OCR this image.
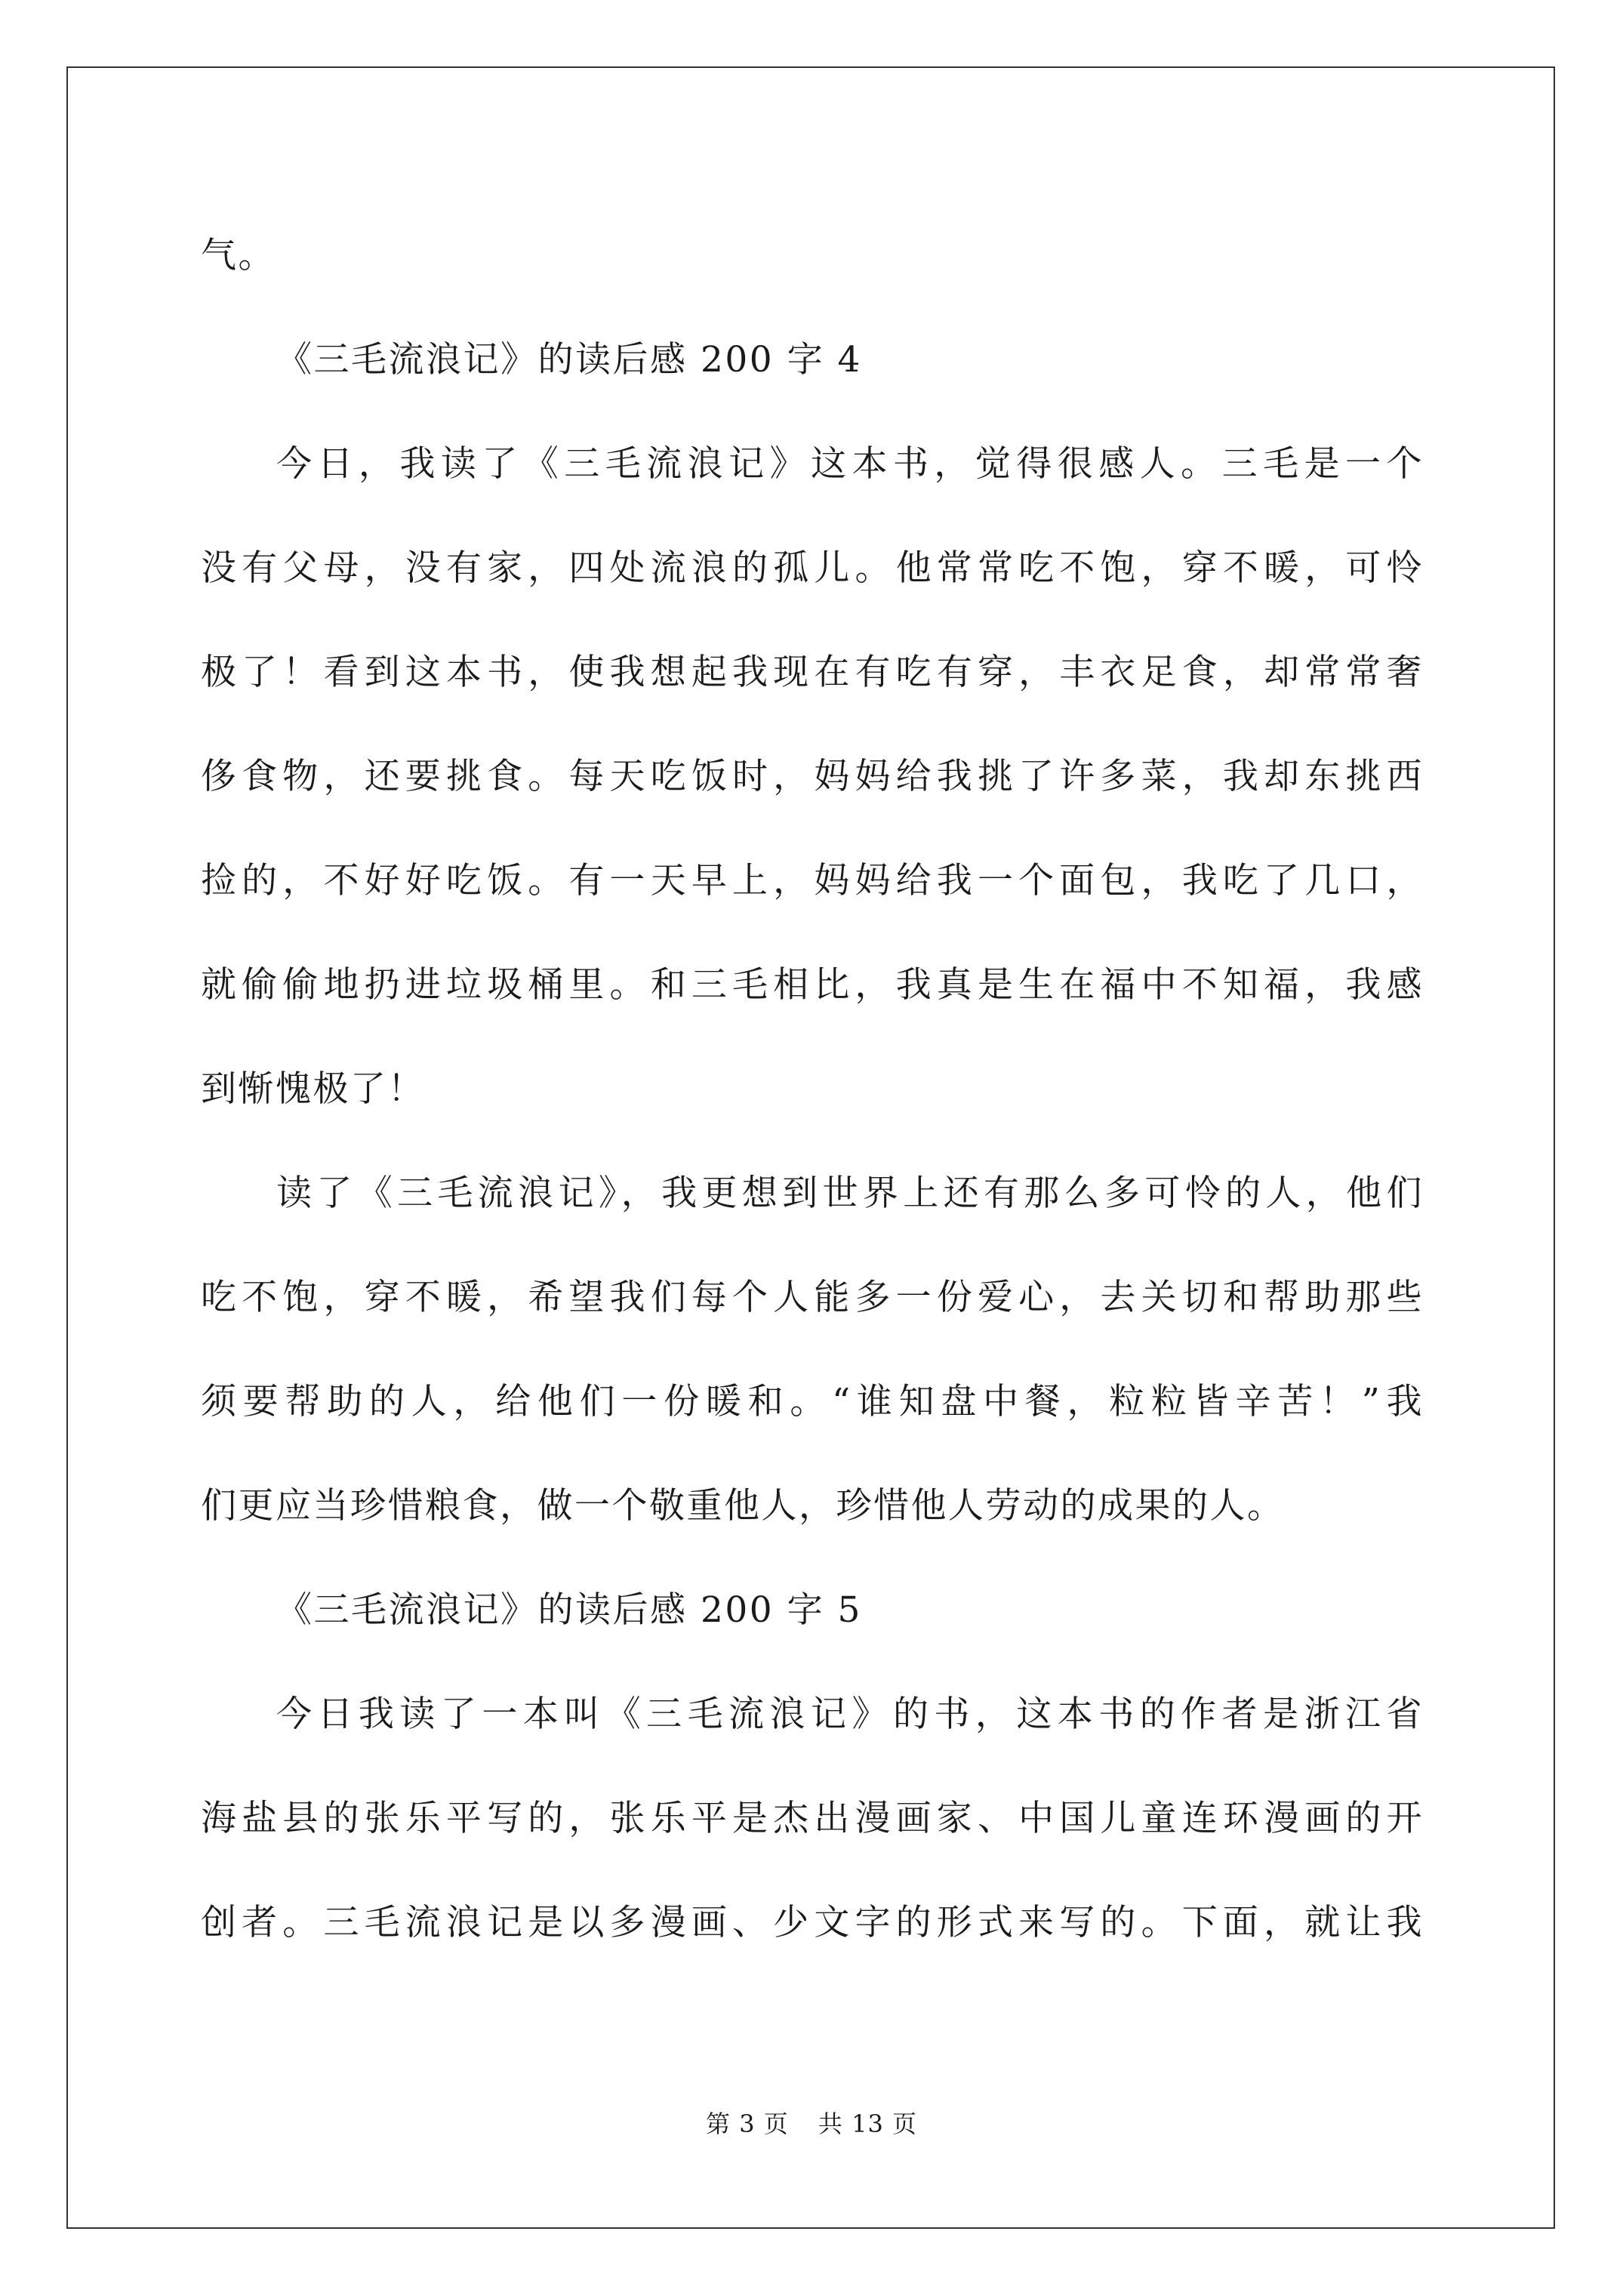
气。

《三毛流浪记》的读后感 200 字 4

今日，我读了《三毛流浪记》这本书，觉得很感人。三毛是一个

没有父母，没有家，四处流浪的孤儿。他常常吃不饱，穿不暖，可怜

极了！看到这本书，使我想起我现在有吃有穿，丰衣足食，却常常奢

侈食物，还要挑食。每天吃饭时，妈妈给我挑了许多菜，我却东挑西

捡的，不好好吃饭。有一天早上，妈妈给我一个面包，我吃了几口，

就偷偷地扔进垃圾桶里。和三毛相比，我真是生在福中不知福，我感

到惭愧极了！

读了《三毛流浪记》，我更想到世界上还有那么多可怜的人，他们

吃不饱，穿不暖，希望我们每个人能多一份爱心，去关切和帮助那些

须要帮助的人，给他们一份暖和。“谁知盘中餐，粒粒皆辛苦！”我

们更应当珍惜粮食，做一个敬重他人，珍惜他人劳动的成果的人。

《三毛流浪记》的读后感 200 字 5

今日我读了一本叫《三毛流浪记》的书，这本书的作者是浙江省

海盐县的张乐平写的，张乐平是杰出漫画家、中国儿童连环漫画的开

创者。三毛流浪记是以多漫画、少文字的形式来写的。下面，就让我

第 3 页 共 13 页
